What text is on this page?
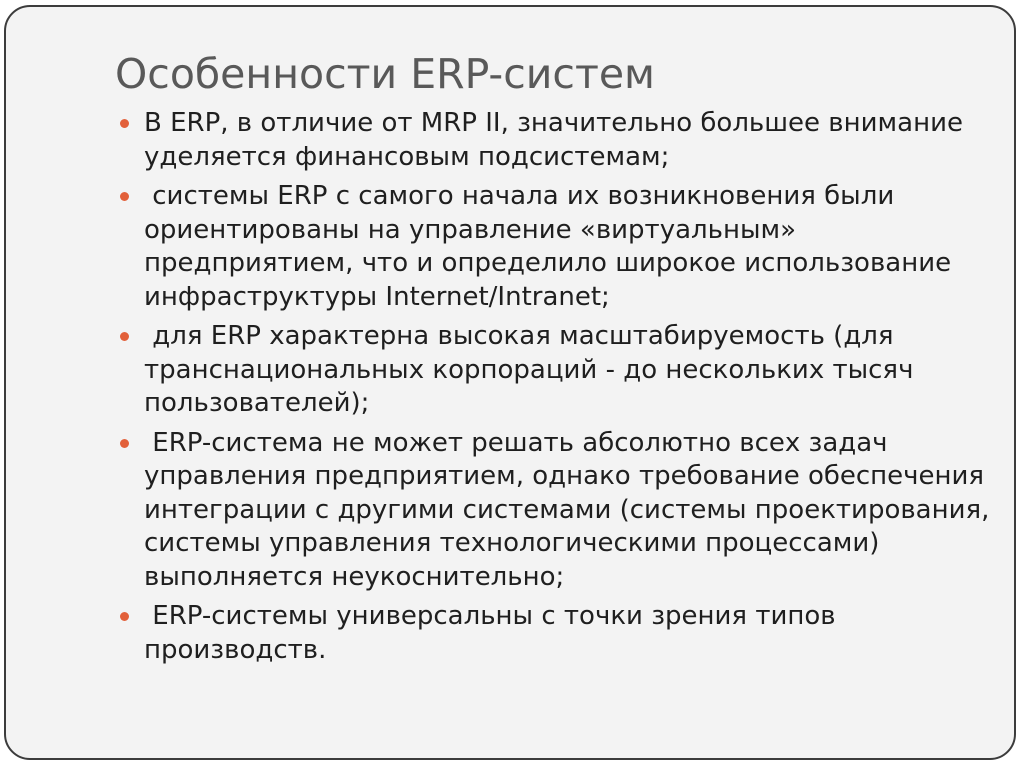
Особенности ERP-систем
В ERP, в отличие от MRP II, значительно большее внимание уделяется финансовым подсистемам;
системы ERP с самого начала их возникновения были ориентированы на управление «виртуальным» предприятием, что и определило широкое использование инфраструктуры Internet/Intranet;
для ERP характерна высокая масштабируемость (для транснациональных корпораций - до нескольких тысяч пользователей);
ERP-система не может решать абсолютно всех задач управления предприятием, однако требование обеспечения интеграции с другими системами (системы проектирования, системы управления технологическими процессами) выполняется неукоснительно;
ERP-системы универсальны с точки зрения типов производств.
